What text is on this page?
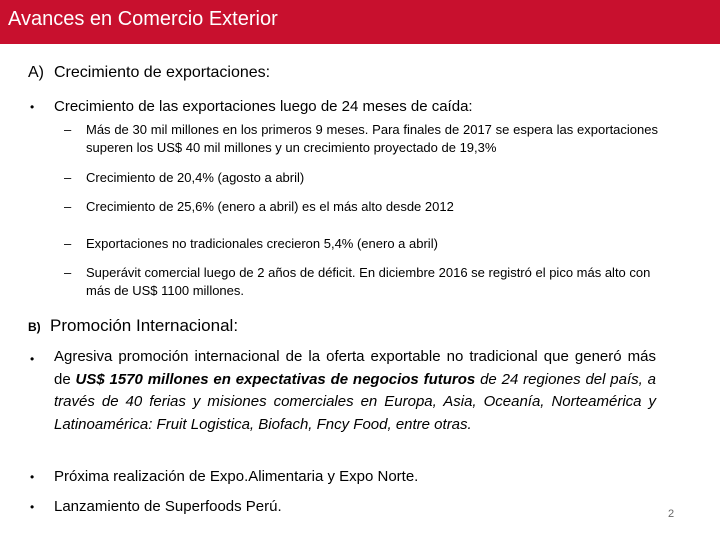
Avances en Comercio Exterior
A) Crecimiento de exportaciones:
• Crecimiento de las exportaciones luego de 24 meses de caída:
– Más de 30 mil millones en los primeros 9 meses. Para finales de 2017 se espera las exportaciones superen los US$ 40 mil millones y un crecimiento proyectado de 19,3%
– Crecimiento de 20,4% (agosto a abril)
– Crecimiento de 25,6% (enero a abril) es el más alto desde 2012
– Exportaciones no tradicionales crecieron 5,4% (enero a abril)
– Superávit comercial luego de 2 años de déficit. En diciembre 2016 se registró el pico más alto con más de US$ 1100 millones.
B) Promoción Internacional:
• Agresiva promoción internacional de la oferta exportable no tradicional que generó más de US$ 1570 millones en expectativas de negocios futuros de 24 regiones del país, a través de 40 ferias y misiones comerciales en Europa, Asia, Oceanía, Norteamérica y Latinoamérica: Fruit Logistica, Biofach, Fncy Food, entre otras.
• Próxima realización de Expo.Alimentaria y Expo Norte.
• Lanzamiento de Superfoods Perú.	2
